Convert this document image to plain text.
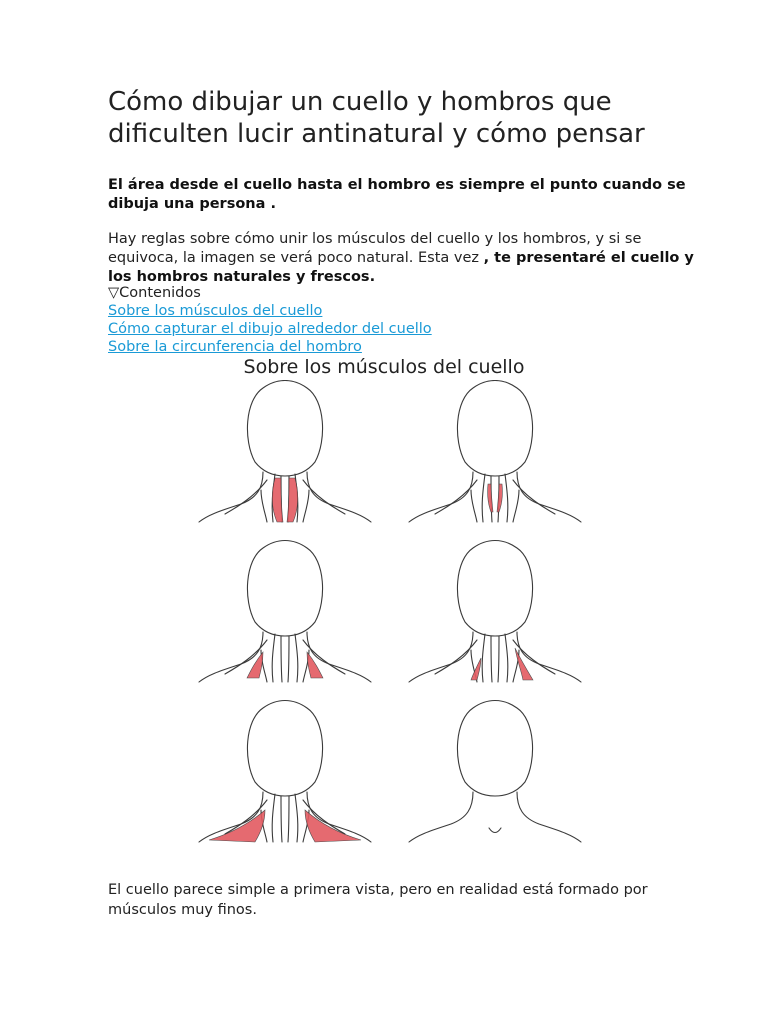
Cómo dibujar un cuello y hombros que dificulten lucir antinatural y cómo pensar

El área desde el cuello hasta el hombro es siempre el punto cuando se dibuja una persona .

Hay reglas sobre cómo unir los músculos del cuello y los hombros, y si se equivoca, la imagen se verá poco natural. Esta vez , te presentaré el cuello y los hombros naturales y frescos.

▽Contenidos
Sobre los músculos del cuello
Cómo capturar el dibujo alrededor del cuello
Sobre la circunferencia del hombro
Sobre los músculos del cuello

El cuello parece simple a primera vista, pero en realidad está formado por músculos muy finos.
